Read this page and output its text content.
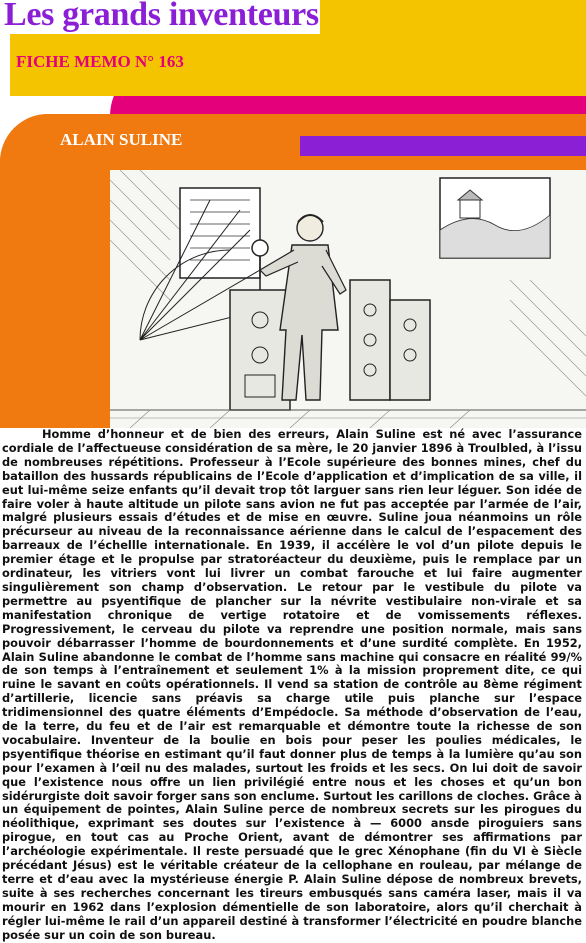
Les grands inventeurs
FICHE MEMO N° 163
ALAIN SULINE

Homme d’honneur et de bien des erreurs, Alain Suline est né avec l’assurance cordiale de l’affectueuse considération de sa mère, le 20 janvier 1896 à Troulbled, à l’issu de nombreuses répétitions. Professeur à l’Ecole supérieure des bonnes mines, chef du bataillon des hussards républicains de l’Ecole d’application et d’implication de sa ville, il eut lui-même seize enfants qu’il devait trop tôt larguer sans rien leur léguer. Son idée de faire voler à haute altitude un pilote sans avion ne fut pas acceptée par l’armée de l’air, malgré plusieurs essais d’études et de mise en œuvre. Suline joua néanmoins un rôle précurseur au niveau de la reconnaissance aérienne dans le calcul de l’espacement des barreaux de l’échellle internationale. En 1939, il accélère le vol d’un pilote depuis le premier étage et le propulse par stratoréacteur du deuxième, puis le remplace par un ordinateur, les vitriers vont lui livrer un combat farouche et lui faire augmenter singulièrement son champ d’observation. Le retour par le vestibule du pilote va permettre au psyentifique de plancher sur la névrite vestibulaire non-virale et sa manifestation chronique de vertige rotatoire et de vomissements réflexes. Progressivement, le cerveau du pilote va reprendre une position normale, mais sans pouvoir débarrasser l’homme de bourdonnements et d’une surdité complète. En 1952, Alain Suline abandonne le combat de l’homme sans machine qui consacre en réalité 99/% de son temps à l’entraînement et seulement 1% à la mission proprement dite, ce qui ruine le savant en coûts opérationnels. Il vend sa station de contrôle au 8ème régiment d’artillerie, licencie sans préavis sa charge utile puis planche sur l’espace tridimensionnel des quatre éléments d’Empédocle. Sa méthode d’observation de l’eau, de la terre, du feu et de l’air est remarquable et démontre toute la richesse de son vocabulaire. Inventeur de la boulie en bois pour peser les poulies médicales, le psyentifique théorise en estimant qu’il faut donner plus de temps à la lumière qu’au son pour l’examen à l’œil nu des malades, surtout les froids et les secs. On lui doit de savoir que l’existence nous offre un lien privilégié entre nous et les choses et qu’un bon sidérurgiste doit savoir forger sans son enclume. Surtout les carillons de cloches. Grâce à un équipement de pointes, Alain Suline perce de nombreux secrets sur les pirogues du néolithique, exprimant ses doutes sur l’existence à — 6000 ansde piroguiers sans pirogue, en tout cas au Proche Orient, avant de démontrer ses affirmations par l’archéologie expérimentale. Il reste persuadé que le grec Xénophane (fin du VI è Siècle précédant Jésus) est le véritable créateur de la cellophane en rouleau, par mélange de terre et d’eau avec la mystérieuse énergie P. Alain Suline dépose de nombreux brevets, suite à ses recherches concernant les tireurs embusqués sans caméra laser, mais il va mourir en 1962 dans l’explosion démentielle de son laboratoire, alors qu’il cherchait à régler lui-même le rail d’un appareil destiné à transformer l’électricité en poudre blanche posée sur un coin de son bureau.
